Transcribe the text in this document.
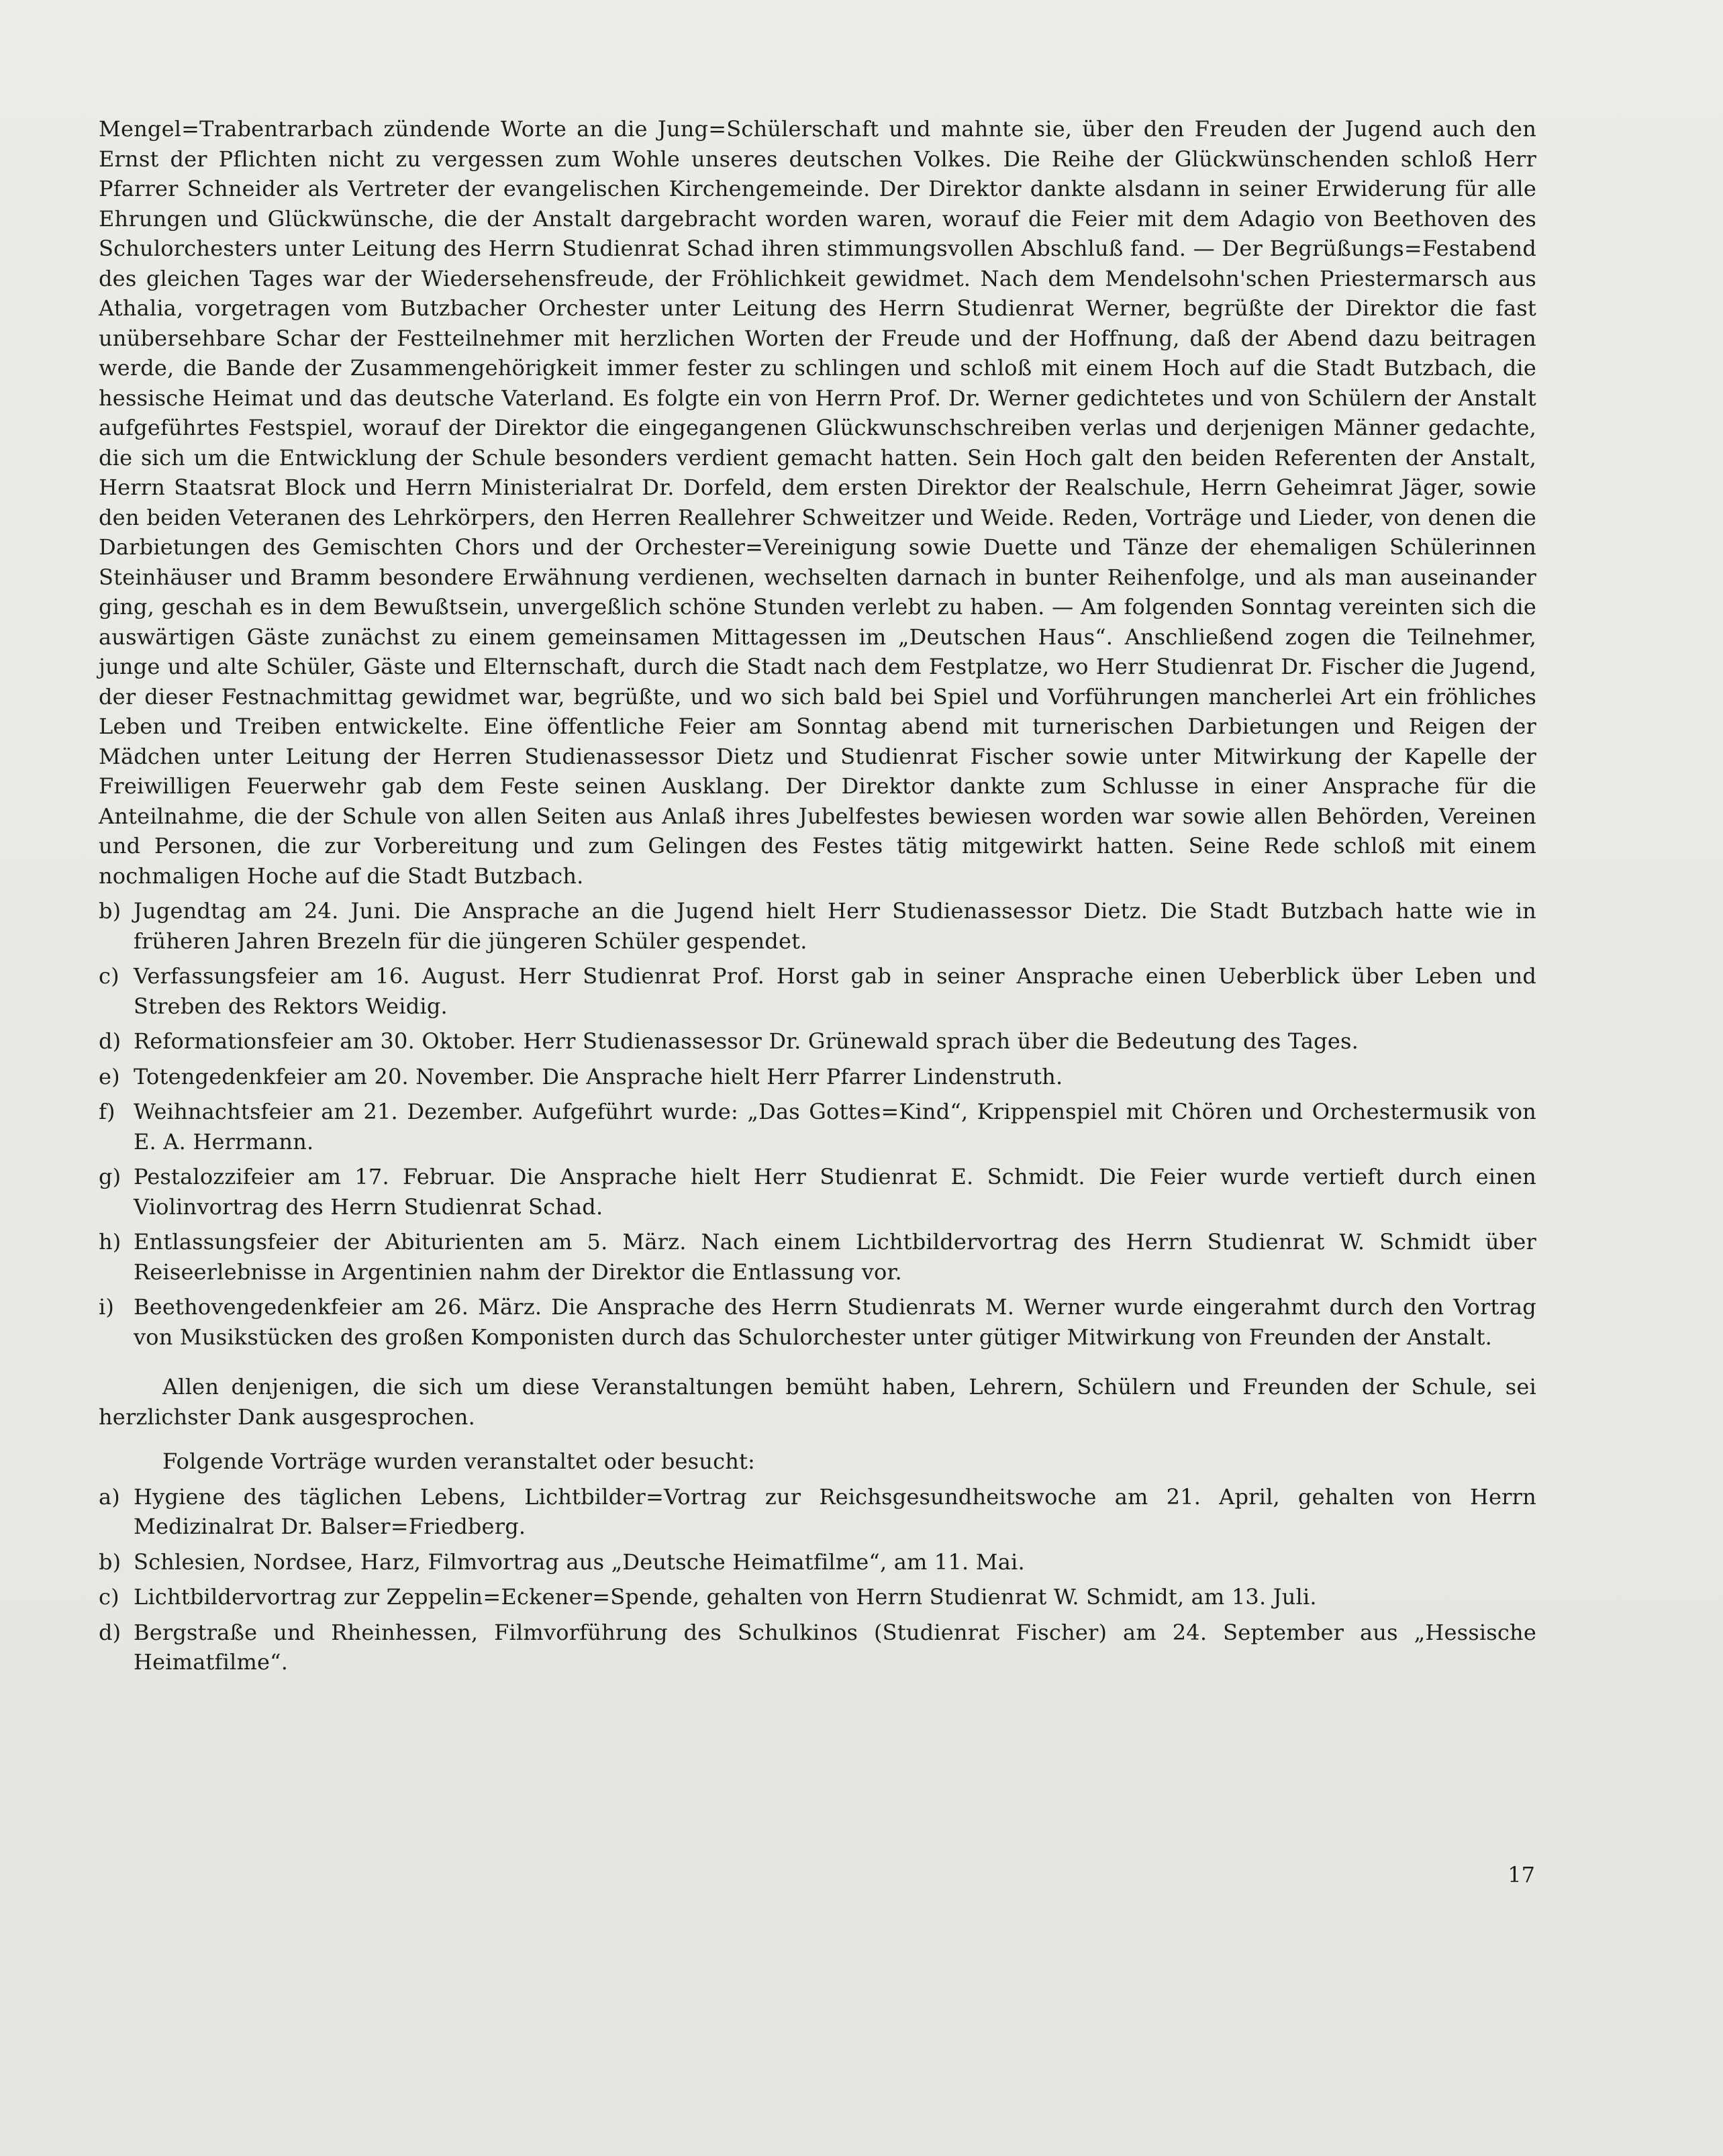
Mengel=Trabentrarbach zündende Worte an die Jung=Schülerschaft und mahnte sie, über den Freuden der Jugend auch den Ernst der Pflichten nicht zu vergessen zum Wohle unseres deutschen Volkes. Die Reihe der Glückwünschenden schloß Herr Pfarrer Schneider als Vertreter der evangelischen Kirchengemeinde. Der Direktor dankte alsdann in seiner Erwiderung für alle Ehrungen und Glückwünsche, die der Anstalt dargebracht worden waren, worauf die Feier mit dem Adagio von Beethoven des Schulorchesters unter Leitung des Herrn Studienrat Schad ihren stimmungsvollen Abschluß fand. — Der Begrüßungs=Festabend des gleichen Tages war der Wiedersehensfreude, der Fröhlichkeit gewidmet. Nach dem Mendelsohn'schen Priestermarsch aus Athalia, vorgetragen vom Butzbacher Orchester unter Leitung des Herrn Studienrat Werner, begrüßte der Direktor die fast unübersehbare Schar der Festteilnehmer mit herzlichen Worten der Freude und der Hoffnung, daß der Abend dazu beitragen werde, die Bande der Zusammengehörigkeit immer fester zu schlingen und schloß mit einem Hoch auf die Stadt Butzbach, die hessische Heimat und das deutsche Vaterland. Es folgte ein von Herrn Prof. Dr. Werner gedichtetes und von Schülern der Anstalt aufgeführtes Festspiel, worauf der Direktor die eingegangenen Glückwunschschreiben verlas und derjenigen Männer gedachte, die sich um die Entwicklung der Schule besonders verdient gemacht hatten. Sein Hoch galt den beiden Referenten der Anstalt, Herrn Staatsrat Block und Herrn Ministerialrat Dr. Dorfeld, dem ersten Direktor der Realschule, Herrn Geheimrat Jäger, sowie den beiden Veteranen des Lehrkörpers, den Herren Reallehrer Schweitzer und Weide. Reden, Vorträge und Lieder, von denen die Darbietungen des Gemischten Chors und der Orchester=Vereinigung sowie Duette und Tänze der ehemaligen Schülerinnen Steinhäuser und Bramm besondere Erwähnung verdienen, wechselten darnach in bunter Reihenfolge, und als man auseinander ging, geschah es in dem Bewußtsein, unvergeßlich schöne Stunden verlebt zu haben. — Am folgenden Sonntag vereinten sich die auswärtigen Gäste zunächst zu einem gemeinsamen Mittagessen im „Deutschen Haus“. Anschließend zogen die Teilnehmer, junge und alte Schüler, Gäste und Elternschaft, durch die Stadt nach dem Festplatze, wo Herr Studienrat Dr. Fischer die Jugend, der dieser Festnachmittag gewidmet war, begrüßte, und wo sich bald bei Spiel und Vorführungen mancherlei Art ein fröhliches Leben und Treiben entwickelte. Eine öffentliche Feier am Sonntag abend mit turnerischen Darbietungen und Reigen der Mädchen unter Leitung der Herren Studienassessor Dietz und Studienrat Fischer sowie unter Mitwirkung der Kapelle der Freiwilligen Feuerwehr gab dem Feste seinen Ausklang. Der Direktor dankte zum Schlusse in einer Ansprache für die Anteilnahme, die der Schule von allen Seiten aus Anlaß ihres Jubelfestes bewiesen worden war sowie allen Behörden, Vereinen und Personen, die zur Vorbereitung und zum Gelingen des Festes tätig mitgewirkt hatten. Seine Rede schloß mit einem nochmaligen Hoche auf die Stadt Butzbach.

b) Jugendtag am 24. Juni. Die Ansprache an die Jugend hielt Herr Studienassessor Dietz. Die Stadt Butzbach hatte wie in früheren Jahren Brezeln für die jüngeren Schüler gespendet.
c) Verfassungsfeier am 16. August. Herr Studienrat Prof. Horst gab in seiner Ansprache einen Ueberblick über Leben und Streben des Rektors Weidig.
d) Reformationsfeier am 30. Oktober. Herr Studienassessor Dr. Grünewald sprach über die Bedeutung des Tages.
e) Totengedenkfeier am 20. November. Die Ansprache hielt Herr Pfarrer Lindenstruth.
f) Weihnachtsfeier am 21. Dezember. Aufgeführt wurde: „Das Gottes=Kind“, Krippenspiel mit Chören und Orchestermusik von E. A. Herrmann.
g) Pestalozzifeier am 17. Februar. Die Ansprache hielt Herr Studienrat E. Schmidt. Die Feier wurde vertieft durch einen Violinvortrag des Herrn Studienrat Schad.
h) Entlassungsfeier der Abiturienten am 5. März. Nach einem Lichtbildervortrag des Herrn Studienrat W. Schmidt über Reiseerlebnisse in Argentinien nahm der Direktor die Entlassung vor.
i) Beethovengedenkfeier am 26. März. Die Ansprache des Herrn Studienrats M. Werner wurde eingerahmt durch den Vortrag von Musikstücken des großen Komponisten durch das Schulorchester unter gütiger Mitwirkung von Freunden der Anstalt.

Allen denjenigen, die sich um diese Veranstaltungen bemüht haben, Lehrern, Schülern und Freunden der Schule, sei herzlichster Dank ausgesprochen.

Folgende Vorträge wurden veranstaltet oder besucht:

a) Hygiene des täglichen Lebens, Lichtbilder=Vortrag zur Reichsgesundheitswoche am 21. April, gehalten von Herrn Medizinalrat Dr. Balser=Friedberg.
b) Schlesien, Nordsee, Harz, Filmvortrag aus „Deutsche Heimatfilme“, am 11. Mai.
c) Lichtbildervortrag zur Zeppelin=Eckener=Spende, gehalten von Herrn Studienrat W. Schmidt, am 13. Juli.
d) Bergstraße und Rheinhessen, Filmvorführung des Schulkinos (Studienrat Fischer) am 24. September aus „Hessische Heimatfilme“.
17
